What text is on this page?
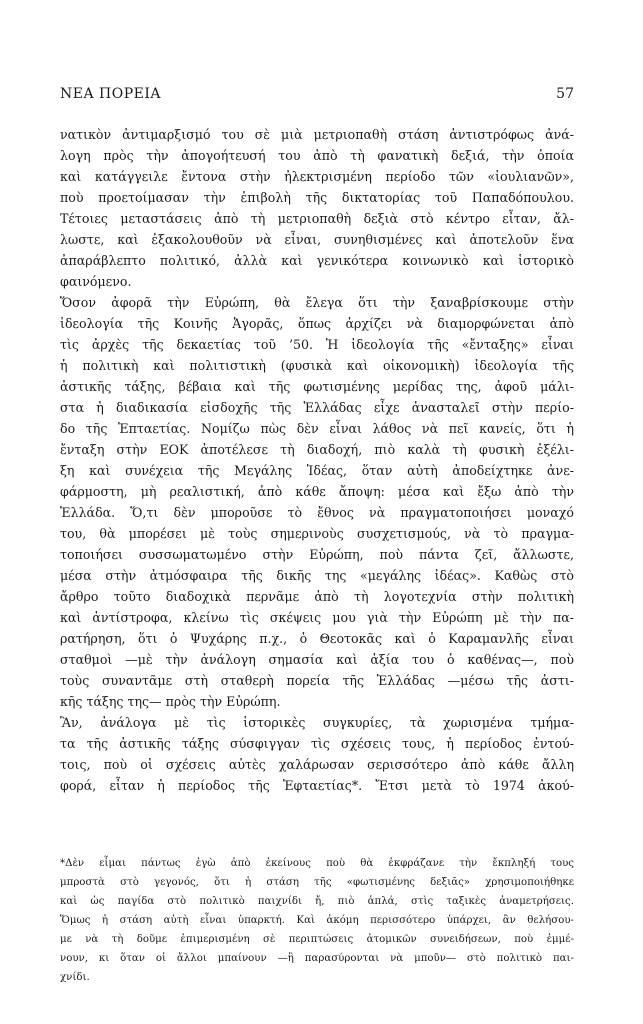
ΝΕΑ ΠΟΡΕΙΑ	57
νατικὸν ἀντιμαρξισμό του σὲ μιὰ μετριοπαθὴ στάση ἀντιστρόφως ἀνά-
λογη πρὸς τὴν ἀπογοήτευσή του ἀπὸ τὴ φανατικὴ δεξιά, τὴν ὁποία
καὶ κατάγγειλε ἔντονα στὴν ἠλεκτρισμένη περίοδο τῶν «ἰουλιανῶν»,
ποὺ προετοίμασαν τὴν ἐπιβολὴ τῆς δικτατορίας τοῦ Παπαδόπουλου.
Τέτοιες μεταστάσεις ἀπὸ τὴ μετριοπαθὴ δεξιὰ στὸ κέντρο εἶταν, ἄλ-
λωστε, καὶ ἐξακολουθοῦν νὰ εἶναι, συνηθισμένες καὶ ἀποτελοῦν ἕνα
ἀπαράβλεπτο πολιτικό, ἀλλὰ καὶ γενικότερα κοινωνικὸ καὶ ἱστορικὸ
φαινόμενο.
Ὅσον ἀφορᾶ τὴν Εὐρώπη, θὰ ἔλεγα ὅτι τὴν ξαναβρίσκουμε στὴν
ἰδεολογία τῆς Κοινῆς Ἀγορᾶς, ὅπως ἀρχίζει νὰ διαμορφώνεται ἀπὸ
τὶς ἀρχὲς τῆς δεκαετίας τοῦ ’50. Ἡ ἰδεολογία τῆς «ἔνταξης» εἶναι
ἡ πολιτικὴ καὶ πολιτιστικὴ (φυσικὰ καὶ οἰκονομικὴ) ἰδεολογία τῆς
ἀστικῆς τάξης, βέβαια καὶ τῆς φωτισμένης μερίδας της, ἀφοῦ μάλι-
στα ἡ διαδικασία εἰσδοχῆς τῆς Ἑλλάδας εἶχε ἀνασταλεῖ στὴν περίο-
δο τῆς Ἑπταετίας. Νομίζω πὼς δὲν εἶναι λάθος νὰ πεῖ κανείς, ὅτι ἡ
ἔνταξη στὴν ΕΟΚ ἀποτέλεσε τὴ διαδοχή, πιὸ καλὰ τὴ φυσικὴ ἐξέλι-
ξη καὶ συνέχεια τῆς Μεγάλης Ἰδέας, ὅταν αὐτὴ ἀποδείχτηκε ἀνε-
φάρμοστη, μὴ ρεαλιστική, ἀπὸ κάθε ἄποψη: μέσα καὶ ἔξω ἀπὸ τὴν
Ἑλλάδα. Ὅ,τι δὲν μποροῦσε τὸ ἔθνος νὰ πραγματοποιήσει μοναχό
του, θὰ μπορέσει μὲ τοὺς σημερινοὺς συσχετισμούς, νὰ τὸ πραγμα-
τοποιήσει συσσωματωμένο στὴν Εὐρώπη, ποὺ πάντα ζεῖ, ἄλλωστε,
μέσα στὴν ἀτμόσφαιρα τῆς δικῆς της «μεγάλης ἰδέας». Καθὼς στὸ
ἄρθρο τοῦτο διαδοχικὰ περνᾶμε ἀπὸ τὴ λογοτεχνία στὴν πολιτικὴ
καὶ ἀντίστροφα, κλείνω τὶς σκέψεις μου γιὰ τὴν Εὐρώπη μὲ τὴν πα-
ρατήρηση, ὅτι ὁ Ψυχάρης π.χ., ὁ Θεοτοκᾶς καὶ ὁ Καραμανλῆς εἶναι
σταθμοὶ —μὲ τὴν ἀνάλογη σημασία καὶ ἀξία του ὁ καθένας—, ποὺ
τοὺς συναντᾶμε στὴ σταθερὴ πορεία τῆς Ἑλλάδας —μέσω τῆς ἀστι-
κῆς τάξης της— πρὸς τὴν Εὐρώπη.
Ἂν, ἀνάλογα μὲ τὶς ἱστορικὲς συγκυρίες, τὰ χωρισμένα τμήμα-
τα τῆς ἀστικῆς τάξης σύσφιγγαν τὶς σχέσεις τους, ἡ περίοδος ἐντού-
τοις, ποὺ οἱ σχέσεις αὐτὲς χαλάρωσαν σερισσότερο ἀπὸ κάθε ἄλλη
φορά, εἶταν ἡ περίοδος τῆς Ἑφταετίας*. Ἔτσι μετὰ τὸ 1974 ἀκού-
*Δὲν εἶμαι πάντως ἐγὼ ἀπὸ ἐκείνους ποὺ θὰ ἐκφράζανε τὴν ἔκπληξή τους
μπροστὰ στὸ γεγονός, ὅτι ἡ στάση τῆς «φωτισμένης δεξιᾶς» χρησιμοποιήθηκε
καὶ ὡς παγίδα στὸ πολιτικὸ παιχνίδι ἤ, πιὸ ἁπλά, στὶς ταξικὲς ἀναμετρήσεις.
Ὅμως ἡ στάση αὐτὴ εἶναι ὑπαρκτή. Καὶ ἀκόμη περισσότερο ὑπάρχει, ἂν θελήσου-
με νὰ τὴ δοῦμε ἐπιμερισμένη σὲ περιπτώσεις ἀτομικῶν συνειδήσεων, ποὺ ἐμμέ-
νουν, κι ὅταν οἱ ἄλλοι μπαίνουν —ἢ παρασύρονται νὰ μποῦν— στὸ πολιτικὸ παι-
χνίδι.
